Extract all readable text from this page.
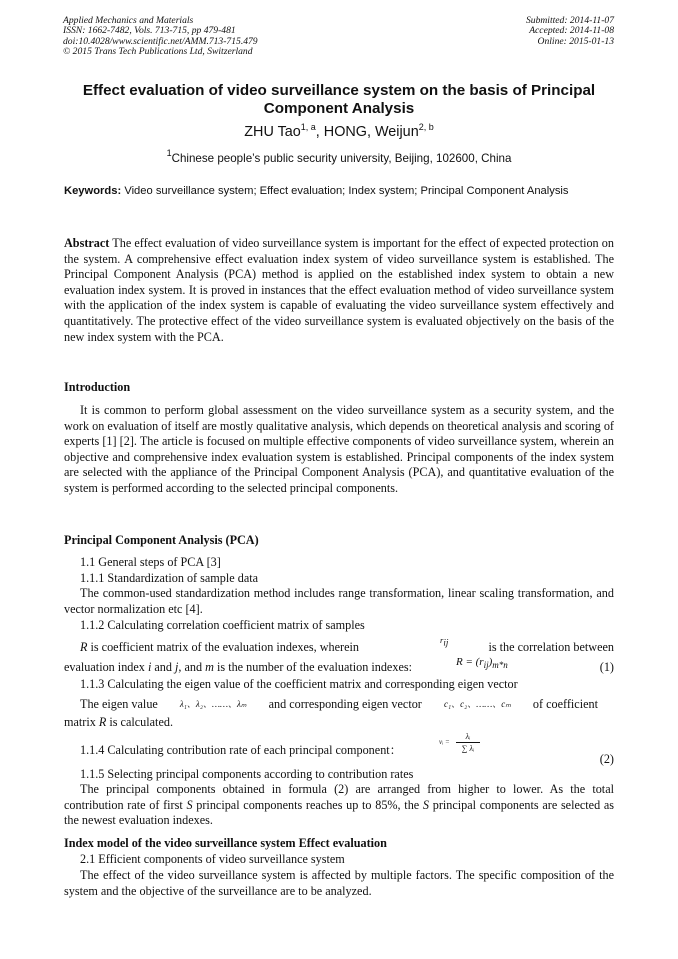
Applied Mechanics and Materials
ISSN: 1662-7482, Vols. 713-715, pp 479-481
doi:10.4028/www.scientific.net/AMM.713-715.479
© 2015 Trans Tech Publications Ltd, Switzerland
Submitted: 2014-11-07
Accepted: 2014-11-08
Online: 2015-01-13
Effect evaluation of video surveillance system on the basis of Principal Component Analysis
ZHU Tao$^{1, a}$, HONG, Weijun$^{2, b}$
$^1$Chinese people’s public security university, Beijing, 102600, China
Keywords: Video surveillance system; Effect evaluation; Index system; Principal Component Analysis
Abstract The effect evaluation of video surveillance system is important for the effect of expected protection on the system. A comprehensive effect evaluation index system of video surveillance system is established. The Principal Component Analysis (PCA) method is applied on the established index system to obtain a new evaluation index system. It is proved in instances that the effect evaluation method of video surveillance system with the application of the index system is capable of evaluating the video surveillance system effectively and quantitatively. The protective effect of the video surveillance system is evaluated objectively on the basis of the new index system with the PCA.
Introduction
It is common to perform global assessment on the video surveillance system as a security system, and the work on evaluation of itself are mostly qualitative analysis, which depends on theoretical analysis and scoring of experts [1] [2]. The article is focused on multiple effective components of video surveillance system, wherein an objective and comprehensive index evaluation system is established. Principal components of the index system are selected with the appliance of the Principal Component Analysis (PCA), and quantitative evaluation of the system is performed according to the selected principal components.
Principal Component Analysis (PCA)
1.1 General steps of PCA [3]
1.1.1 Standardization of sample data
The common-used standardization method includes range transformation, linear scaling transformation, and vector normalization etc [4].
1.1.2 Calculating correlation coefficient matrix of samples
R is coefficient matrix of the evaluation indexes, wherein	is the correlation between
$r_{ij}$
evaluation index i and j, and m is the number of the evaluation indexes:	$R = (r_{ij})_{m*n}$	(1)
1.1.3 Calculating the eigen value of the coefficient matrix and corresponding eigen vector
The eigen value	λ₁、λ₂、……、λₘ	and corresponding eigen vector	c₁、c₂、……、cₘ	of coefficient
matrix R is calculated.
1.1.4 Calculating contribution rate of each principal component：
vᵢ =
λᵢ
∑ λᵢ
(2)
1.1.5 Selecting principal components according to contribution rates
The principal components obtained in formula (2) are arranged from higher to lower. As the total contribution rate of first S principal components reaches up to 85%, the S principal components are selected as the newest evaluation indexes.
Index model of the video surveillance system Effect evaluation
2.1 Efficient components of video surveillance system
The effect of the video surveillance system is affected by multiple factors. The specific composition of the system and the objective of the surveillance are to be analyzed.
